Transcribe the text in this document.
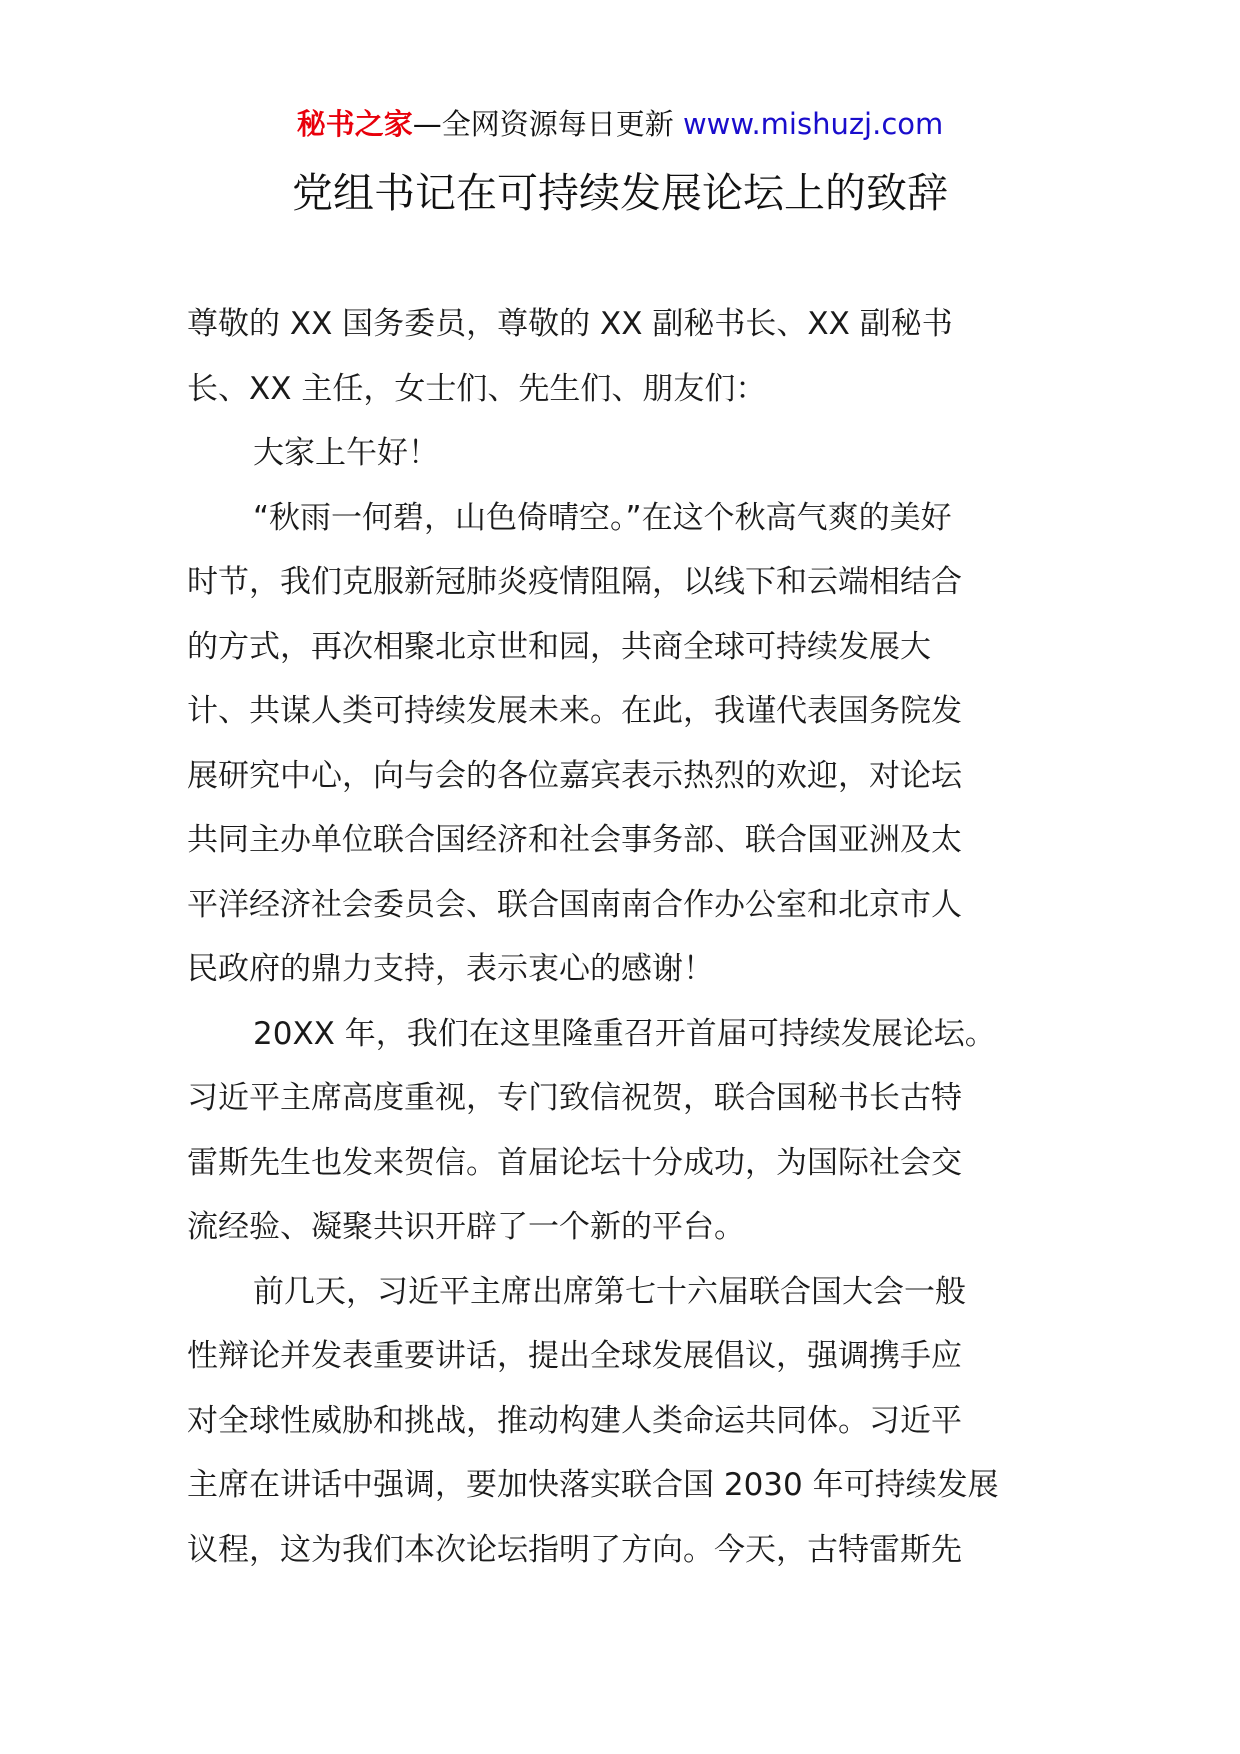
秘书之家—全网资源每日更新 www.mishuzj.com
党组书记在可持续发展论坛上的致辞
尊敬的 XX 国务委员，尊敬的 XX 副秘书长、XX 副秘书
长、XX 主任，女士们、先生们、朋友们：
大家上午好！
“秋雨一何碧，山色倚晴空。”在这个秋高气爽的美好
时节，我们克服新冠肺炎疫情阻隔，以线下和云端相结合
的方式，再次相聚北京世和园，共商全球可持续发展大
计、共谋人类可持续发展未来。在此，我谨代表国务院发
展研究中心，向与会的各位嘉宾表示热烈的欢迎，对论坛
共同主办单位联合国经济和社会事务部、联合国亚洲及太
平洋经济社会委员会、联合国南南合作办公室和北京市人
民政府的鼎力支持，表示衷心的感谢！
20XX 年，我们在这里隆重召开首届可持续发展论坛。
习近平主席高度重视，专门致信祝贺，联合国秘书长古特
雷斯先生也发来贺信。首届论坛十分成功，为国际社会交
流经验、凝聚共识开辟了一个新的平台。
前几天，习近平主席出席第七十六届联合国大会一般
性辩论并发表重要讲话，提出全球发展倡议，强调携手应
对全球性威胁和挑战，推动构建人类命运共同体。习近平
主席在讲话中强调，要加快落实联合国 2030 年可持续发展
议程，这为我们本次论坛指明了方向。今天，古特雷斯先
